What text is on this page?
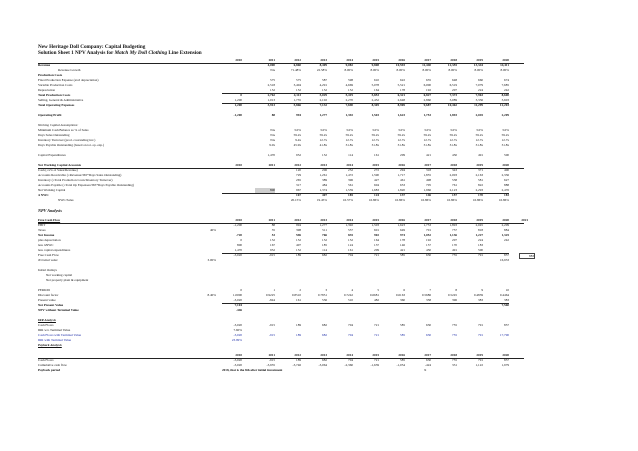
New Heritage Doll Company: Capital Budgeting
Solution Sheet 1 NPV Analysis for Match My Doll Clothing Line Extension
2010	2011	2012	2013	2014	2015	2016	2017	2018	2019	2020
Revenue	4,000	6,860	8,409	9,082	9,808	10,593	11,440	12,355	13,344	14,411
Revenue Growth	NA	71.48%	22.58%	8.00%	8.00%	8.00%	8.00%	8.00%	8.00%	8.00%
Production Costs
Fixed Production Expense (excl depreciation)	575	575	587	598	610	622	635	648	660	674
Variable Production Costs	2,518	3,404	4,291	4,669	5,078	5,521	6,000	6,519	7,079	7,685
Depreciation	152	152	152	152	164	178	192	207	224	242
Total Production Costs	0	2,762	4,113	5,029	5,419	5,853	6,321	6,827	7,373	7,963	8,600
Selling, General & Administrative	1,200	1,013	1,735	2,102	2,270	2,452	2,648	2,860	3,089	3,336	3,603
Total Operating Expenses	1,200	3,913	5,866	7,132	7,690	8,305	8,969	9,687	10,462	11,299	12,203
Operating Profit	-1,200	88	994	1,277	1,392	1,503	1,623	1,753	1,893	2,045	2,209
Working Capital Assumptions:
Minimum Cash Balance as % of Sales	NA	3.0%	3.0%	3.0%	3.0%	3.0%	3.0%	3.0%	3.0%	3.0%
Days Sales Outstanding	NA	59.2x	59.2x	59.2x	59.2x	59.2x	59.2x	59.2x	59.2x	59.2x
Inventory Turnover (prod. cost/ending inv.)	NA	9.4x	12.7x	12.7x	12.7x	12.7x	12.7x	12.7x	12.7x	12.7x
Days Payable Outstanding (based on tot. op. exp.)	9.0x	45.9x	41.8x	31.8x	31.8x	31.8x	31.8x	31.8x	31.8x	31.8x
Capital Expenditures	1,470	952	152	114	161	209	421	450	491	500
Net Working Capital Accounts	2010	2011	2012	2013	2014	2015	2016	2017	2018	2019	2020
Cash (=x% of Sales/Revenue)	120	206	252	272	294	318	343	371	400
Accounts Receivable (=Revenue/365*Days Sales Outstanding)	729	1,261	1,472	1,590	1,717	1,855	2,003	2,163	2,336
Inventory (=Total Production Costs/Inventory Turnover)	265	389	396	427	461	498	538	581	627
Accounts Payable (=Total Op Expenses/365*Days Payable Outstanding)	317	484	561	604	653	705	761	822	888
Net Working Capital	800	967	1,374	1,559	1,683	1,820	1,966	2,123	2,293	2,476
Δ NWC	167	407	185	124	137	146	157	170	183
NWC/Sales	20.15%	19.45%	16.57%	16.86%	16.86%	16.86%	16.86%	16.86%	16.86%
NPV Analysis
Free Cash Flow	2010	2011	2012	2013	2014	2015	2016	2017	2018	2019	2020	2021
EBIT	-1,200	88	994	1,277	1,392	1,503	1,623	1,753	1,893	2,045	2,209
Taxes	35	398	511	557	601	649	701	757	818	884
40%
Net Income	-720	53	596	766	835	902	974	1,052	1,136	1,227	1,325
plus depreciation	0	152	152	152	152	164	178	192	207	224	242
less ΔNWC	800	167	407	185	124	137	146	157	170	183
less capital expenditures	1,470	952	152	114	161	209	421	450	491	500
Free Cash Flow	-3,020	-915	189	682	704	721	585	630	755	791	857	883
Terminal value	16,933
3.00%
Initial Outlays
Net working capital
Net property plant & equipment
PERIOD	0	1	2	3	4	5	6	7	8	9	10
Discount factor	1.0000	0.9225	0.8510	0.7851	0.7242	0.6681	0.6163	0.5686	0.5245	0.4839	0.4464
8.40%
Present value	-3,020	-844	161	536	510	482	360	358	396	383	383
Net Present Value	7,104	7,560
NPV without Terminal Value	-446
IRR Analysis
Cash Flows	-3,020	-915	189	682	704	721	585	630	755	791	857
IRR w/o Terminal Value	7.60%
Cash Flows with Terminal Value	-3,020	-915	189	682	704	721	585	630	755	791	17,790
IRR with Terminal Value	23.99%
Payback Analysis
2010	2011	2012	2013	2014	2015	2016	2017	2018	2019	2020
Cash Flows	-3,020	-915	189	682	704	721	585	630	755	791	857
Cumulative cash flow	-3,020	-3,935	-3,746	-3,064	-2,360	-1,639	-1,054	-424	331	1,122	1,979
Payback period	2018, that is the 8th after initial investment	X
